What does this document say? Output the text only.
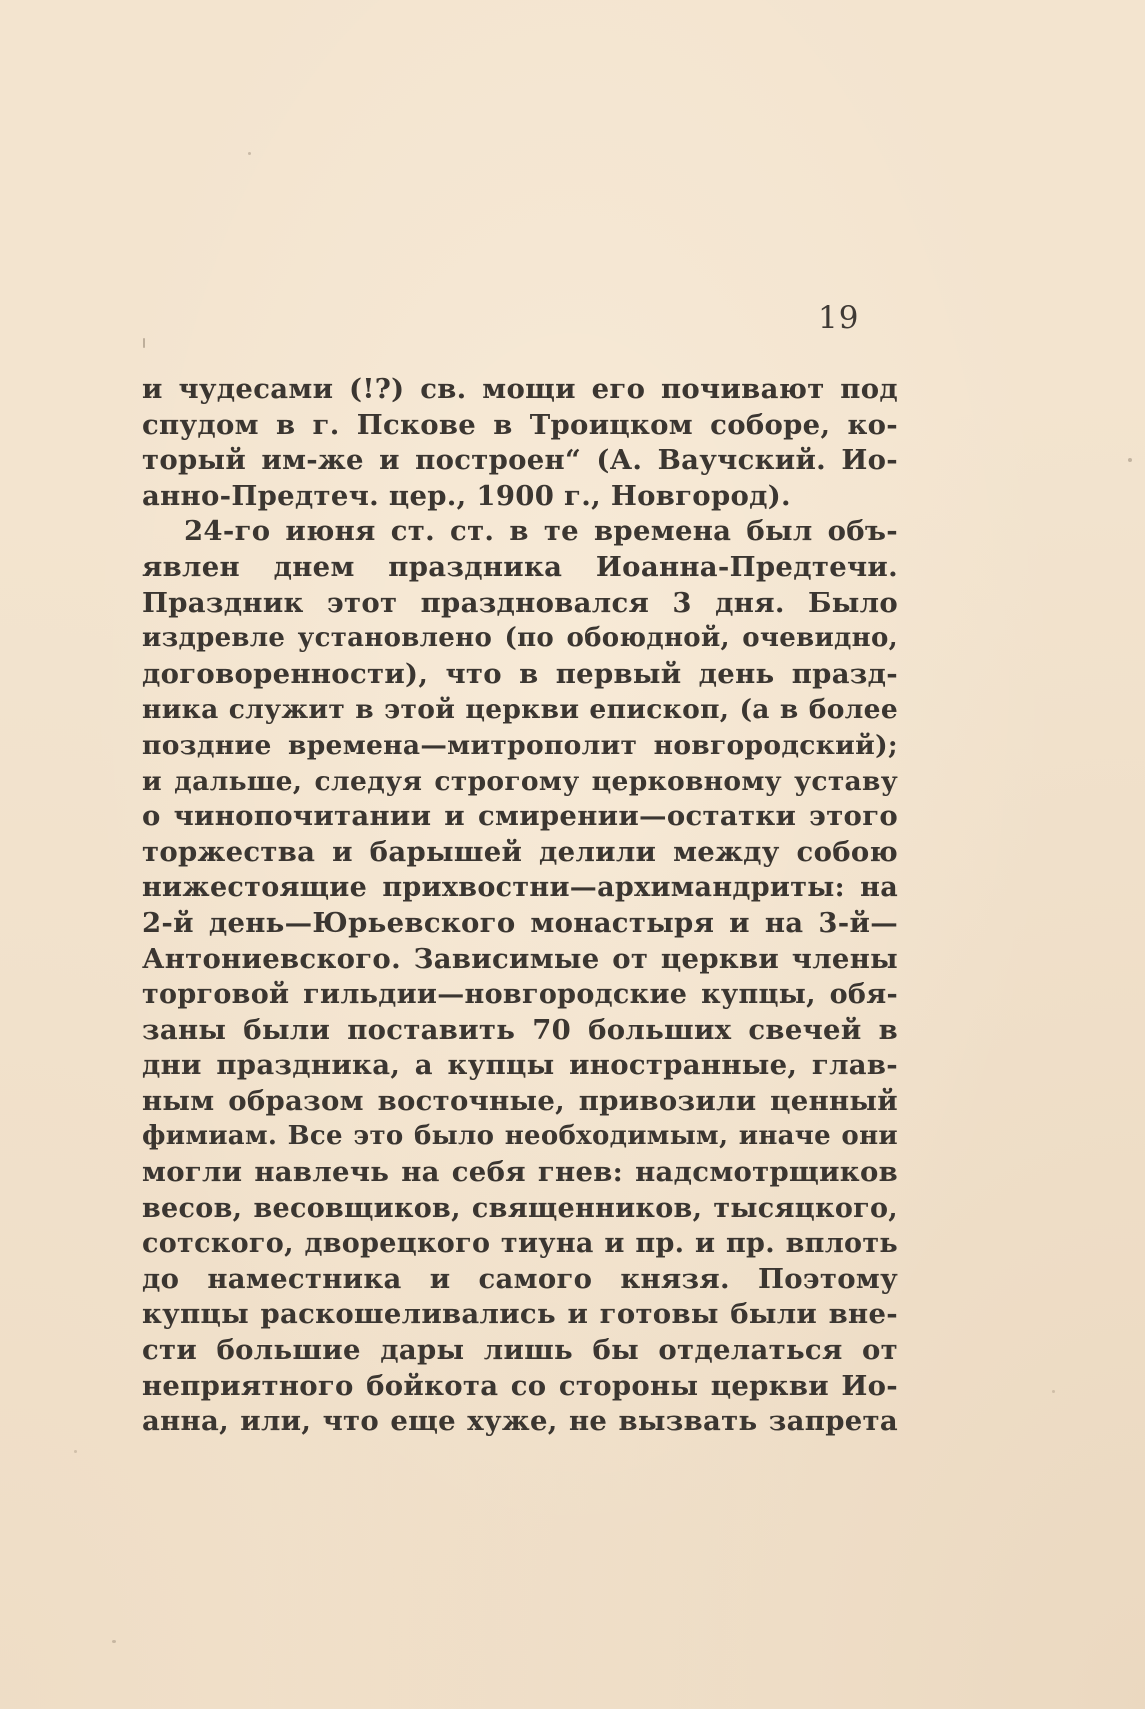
19
и чудесами (!?) св. мощи его почивают под
спудом в г. Пскове в Троицком соборе, ко-
торый им-же и построен“ (А. Ваучский. Ио-
анно-Предтеч. цер., 1900 г., Новгород).
24-го июня ст. ст. в те времена был объ-
явлен днем праздника Иоанна-Предтечи.
Праздник этот праздновался 3 дня. Было
издревле установлено (по обоюдной, очевидно,
договоренности), что в первый день празд-
ника служит в этой церкви епископ, (а в более
поздние времена—митрополит новгородский);
и дальше, следуя строгому церковному уставу
о чинопочитании и смирении—остатки этого
торжества и барышей делили между собою
нижестоящие прихвостни—архимандриты: на
2-й день—Юрьевского монастыря и на 3-й—
Антониевского. Зависимые от церкви члены
торговой гильдии—новгородские купцы, обя-
заны были поставить 70 больших свечей в
дни праздника, а купцы иностранные, глав-
ным образом восточные, привозили ценный
фимиам. Все это было необходимым, иначе они
могли навлечь на себя гнев: надсмотрщиков
весов, весовщиков, священников, тысяцкого,
сотского, дворецкого тиуна и пр. и пр. вплоть
до наместника и самого князя. Поэтому
купцы раскошеливались и готовы были вне-
сти большие дары лишь бы отделаться от
неприятного бойкота со стороны церкви Ио-
анна, или, что еще хуже, не вызвать запрета
